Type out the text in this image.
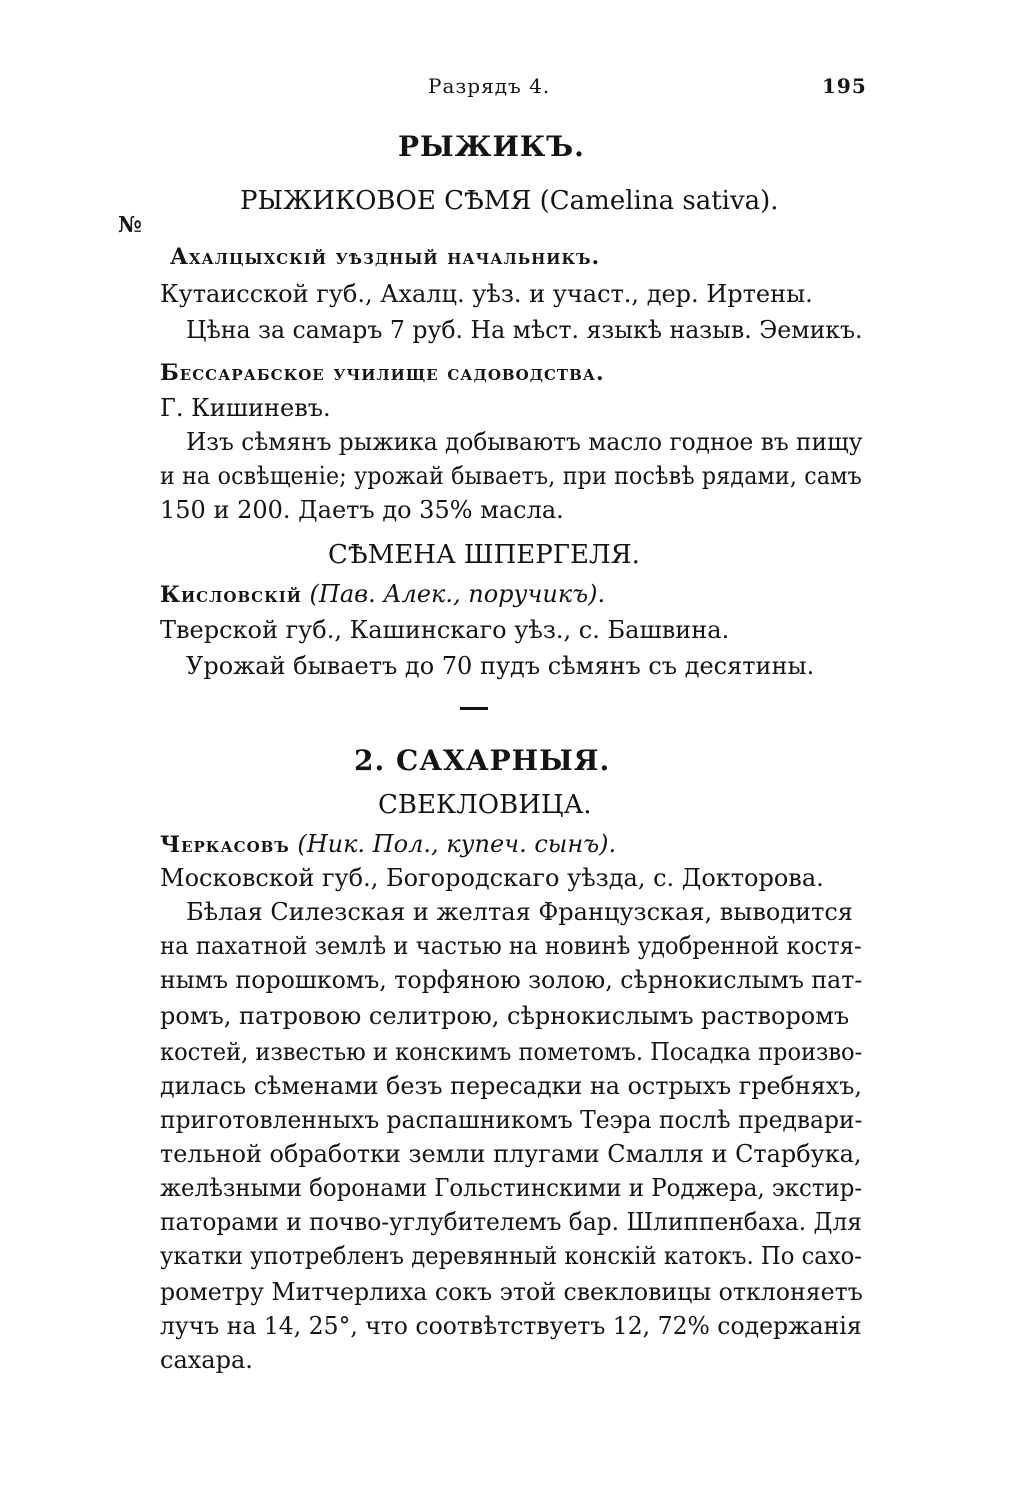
Разрядъ 4.	195
№
РЫЖИКЪ.
РЫЖИКОВОЕ СѢМЯ (Camelina sativa).
Ахалцыхскій уѣздный начальникъ.
Кутаисской губ., Ахалц. уѣз. и участ., дер. Иртены.
Цѣна за самаръ 7 руб. На мѣст. языкѣ назыв. Эемикъ.
Бессарабское училище садоводства.
Г. Кишиневъ.
Изъ сѣмянъ рыжика добываютъ масло годное въ пищу
и на освѣщеніе; урожай бываетъ, при посѣвѣ рядами, самъ
150 и 200. Даетъ до 35% масла.
СѢМЕНА ШПЕРГЕЛЯ.
Кисловскій (Пав. Алек., поручикъ).
Тверской губ., Кашинскаго уѣз., с. Башвина.
Урожай бываетъ до 70 пудъ сѣмянъ съ десятины.
2. САХАРНЫЯ.
СВЕКЛОВИЦА.
Черкасовъ (Ник. Пол., купеч. сынъ).
Московской губ., Богородскаго уѣзда, с. Докторова.
Бѣлая Силезская и желтая Французская, выводится
на пахатной землѣ и частью на новинѣ удобренной костя-
нымъ порошкомъ, торфяною золою, сѣрнокислымъ пат-
ромъ, патровою селитрою, сѣрнокислымъ растворомъ
костей, известью и конскимъ пометомъ. Посадка произво-
дилась сѣменами безъ пересадки на острыхъ гребняхъ,
приготовленныхъ распашникомъ Теэра послѣ предвари-
тельной обработки земли плугами Смалля и Старбука,
желѣзными боронами Гольстинскими и Роджера, экстир-
паторами и почво-углубителемъ бар. Шлиппенбаха. Для
укатки употребленъ деревянный конскій катокъ. По сахо-
рометру Митчерлиха сокъ этой свекловицы отклоняетъ
лучъ на 14, 25°, что соотвѣтствуетъ 12, 72% содержанія
сахара.
